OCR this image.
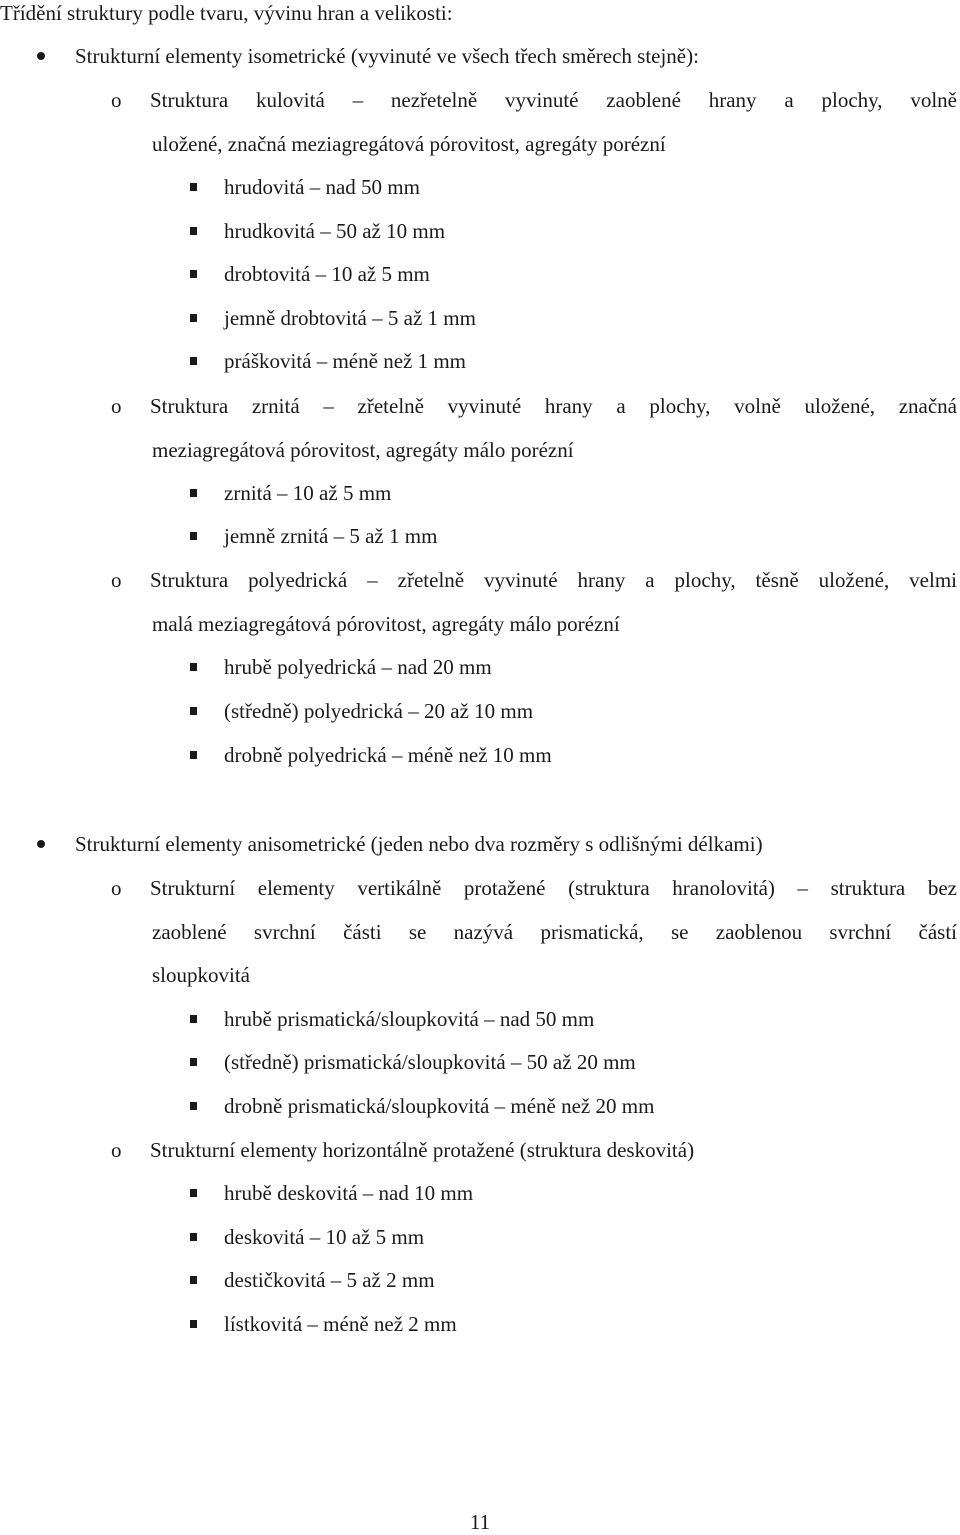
Třídění struktury podle tvaru, vývinu hran a velikosti:
Strukturní elementy isometrické (vyvinuté ve všech třech směrech stejně):
o Struktura kulovitá – nezřetelně vyvinuté zaoblené hrany a plochy, volně
uložené, značná meziagregátová pórovitost, agregáty porézní
hrudovitá – nad 50 mm
hrudkovitá – 50 až 10 mm
drobtovitá – 10 až 5 mm
jemně drobtovitá – 5 až 1 mm
práškovitá – méně než 1 mm
o Struktura zrnitá – zřetelně vyvinuté hrany a plochy, volně uložené, značná
meziagregátová pórovitost, agregáty málo porézní
zrnitá – 10 až 5 mm
jemně zrnitá – 5 až 1 mm
o Struktura polyedrická – zřetelně vyvinuté hrany a plochy, těsně uložené, velmi
malá meziagregátová pórovitost, agregáty málo porézní
hrubě polyedrická – nad 20 mm
(středně) polyedrická – 20 až 10 mm
drobně polyedrická – méně než 10 mm
Strukturní elementy anisometrické (jeden nebo dva rozměry s odlišnými délkami)
o Strukturní elementy vertikálně protažené (struktura hranolovitá) – struktura bez
zaoblené svrchní části se nazývá prismatická, se zaoblenou svrchní částí
sloupkovitá
hrubě prismatická/sloupkovitá – nad 50 mm
(středně) prismatická/sloupkovitá – 50 až 20 mm
drobně prismatická/sloupkovitá – méně než 20 mm
o Strukturní elementy horizontálně protažené (struktura deskovitá)
hrubě deskovitá – nad 10 mm
deskovitá – 10 až 5 mm
destičkovitá – 5 až 2 mm
lístkovitá – méně než 2 mm
11
